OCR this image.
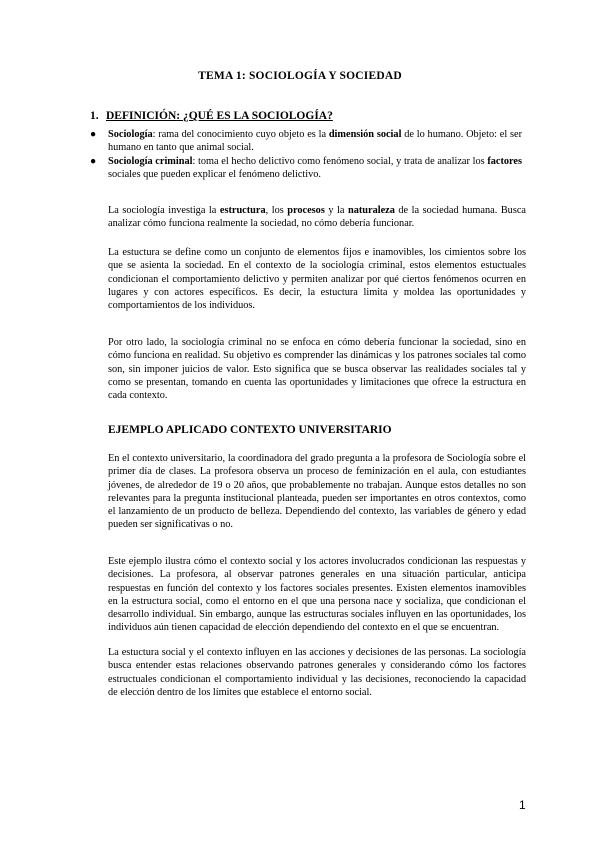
TEMA 1: SOCIOLOGÍA Y SOCIEDAD
1. DEFINICIÓN: ¿QUÉ ES LA SOCIOLOGÍA?
● Sociología: rama del conocimiento cuyo objeto es la dimensión social de lo humano. Objeto: el ser humano en tanto que animal social.
● Sociología criminal: toma el hecho delictivo como fenómeno social, y trata de analizar los factores sociales que pueden explicar el fenómeno delictivo.

La sociología investiga la estructura, los procesos y la naturaleza de la sociedad humana. Busca analizar cómo funciona realmente la sociedad, no cómo debería funcionar.

La estuctura se define como un conjunto de elementos fijos e inamovibles, los cimientos sobre los que se asienta la sociedad. En el contexto de la sociología criminal, estos elementos estuctuales condicionan el comportamiento delictivo y permiten analizar por qué ciertos fenómenos ocurren en lugares y con actores específicos. Es decir, la estuctura limita y moldea las oportunidades y comportamientos de los individuos.

Por otro lado, la sociología criminal no se enfoca en cómo debería funcionar la sociedad, sino en cómo funciona en realidad. Su objetivo es comprender las dinámicas y los patrones sociales tal como son, sin imponer juicios de valor. Esto significa que se busca observar las realidades sociales tal y como se presentan, tomando en cuenta las oportunidades y limitaciones que ofrece la estructura en cada contexto.

EJEMPLO APLICADO CONTEXTO UNIVERSITARIO

En el contexto universitario, la coordinadora del grado pregunta a la profesora de Sociología sobre el primer día de clases. La profesora observa un proceso de feminización en el aula, con estudiantes jóvenes, de alrededor de 19 o 20 años, que probablemente no trabajan. Aunque estos detalles no son relevantes para la pregunta institucional planteada, pueden ser importantes en otros contextos, como el lanzamiento de un producto de belleza. Dependiendo del contexto, las variables de género y edad pueden ser significativas o no.

Este ejemplo ilustra cómo el contexto social y los actores involucrados condicionan las respuestas y decisiones. La profesora, al observar patrones generales en una situación particular, anticipa respuestas en función del contexto y los factores sociales presentes. Existen elementos inamovibles en la estructura social, como el entorno en el que una persona nace y socializa, que condicionan el desarrollo individual. Sin embargo, aunque las estructuras sociales influyen en las oportunidades, los individuos aún tienen capacidad de elección dependiendo del contexto en el que se encuentran.

La estuctura social y el contexto influyen en las acciones y decisiones de las personas. La sociología busca entender estas relaciones observando patrones generales y considerando cómo los factores estructuales condicionan el comportamiento individual y las decisiones, reconociendo la capacidad de elección dentro de los límites que establece el entorno social.

1
